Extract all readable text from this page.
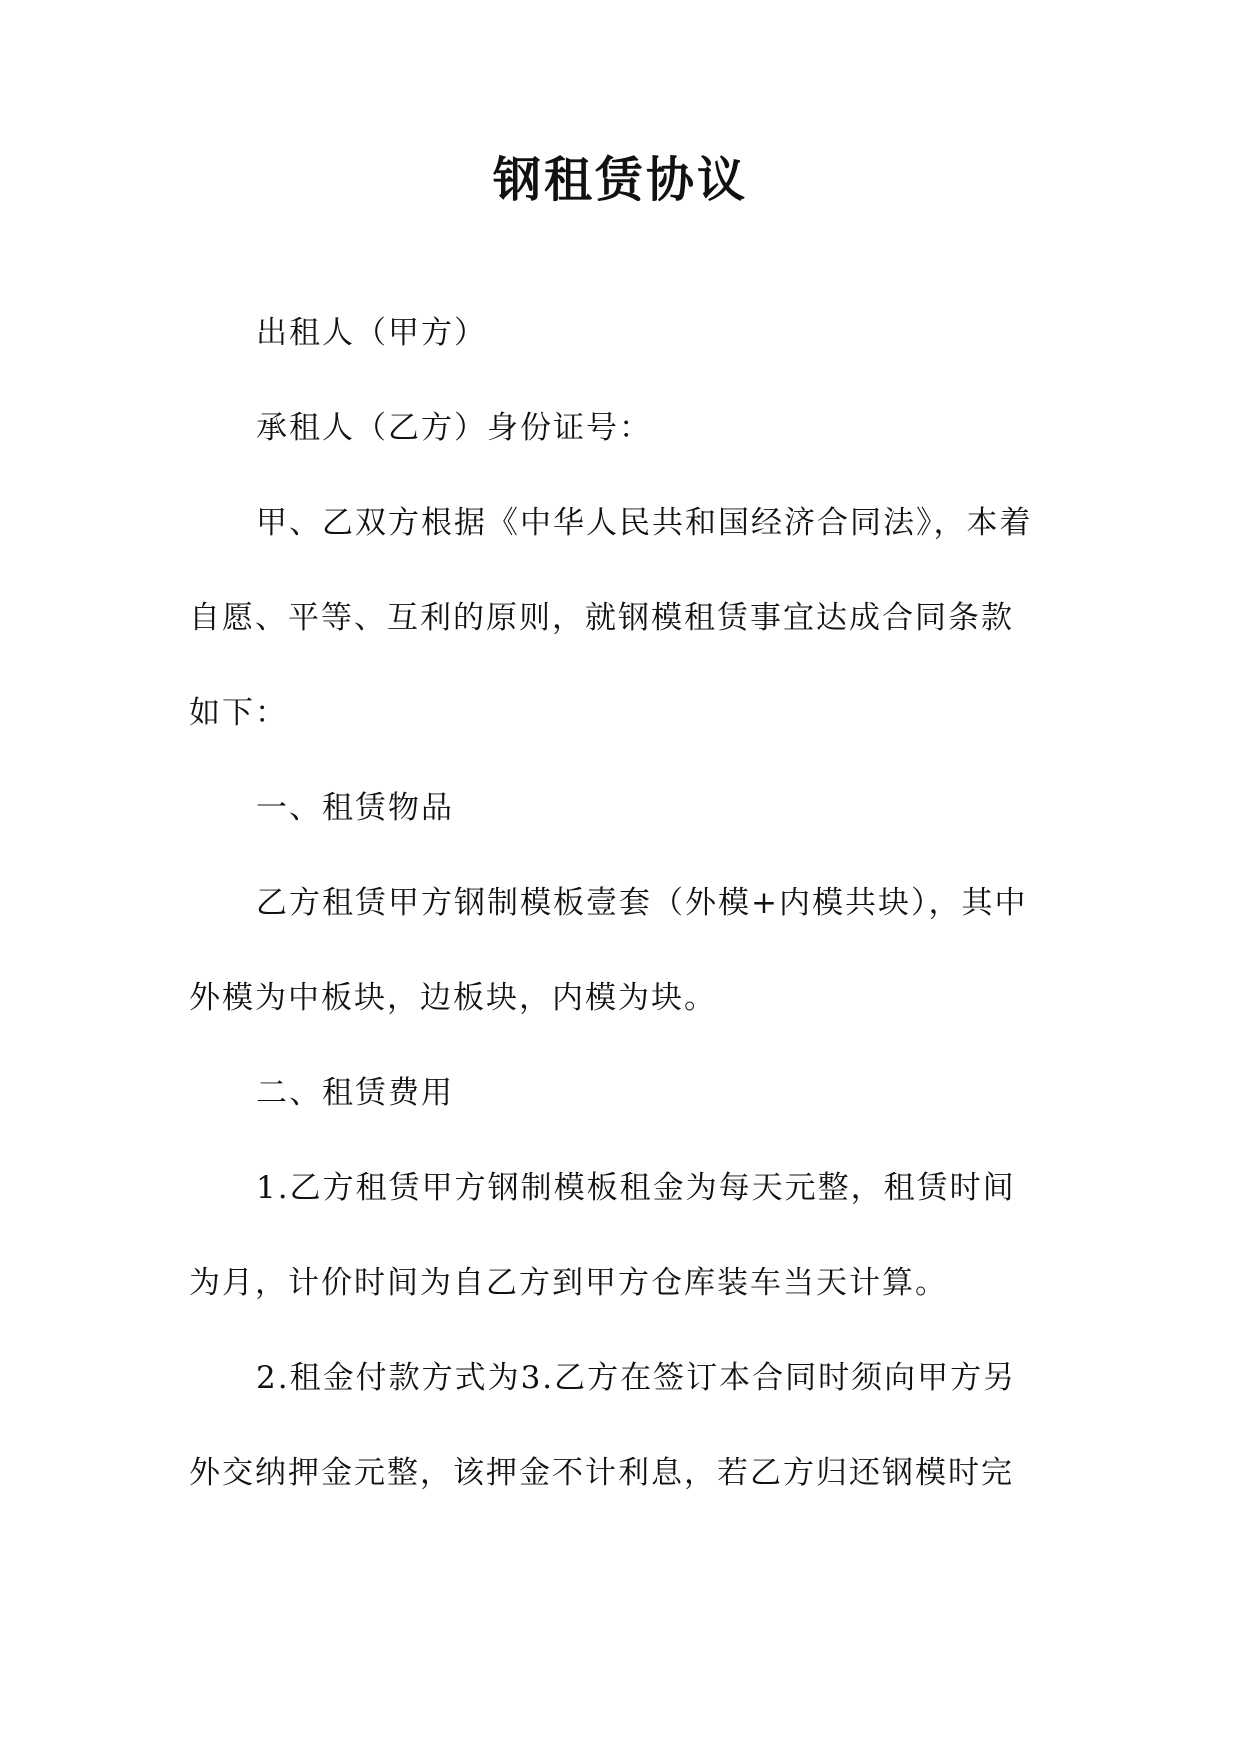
钢租赁协议

出租人（甲方）

承租人（乙方）身份证号：

甲、乙双方根据《中华人民共和国经济合同法》，本着

自愿、平等、互利的原则，就钢模租赁事宜达成合同条款

如下：

一、租赁物品

乙方租赁甲方钢制模板壹套（外模+内模共块），其中

外模为中板块，边板块，内模为块。

二、租赁费用

1.乙方租赁甲方钢制模板租金为每天元整，租赁时间

为月，计价时间为自乙方到甲方仓库装车当天计算。

2.租金付款方式为3.乙方在签订本合同时须向甲方另

外交纳押金元整，该押金不计利息，若乙方归还钢模时完
